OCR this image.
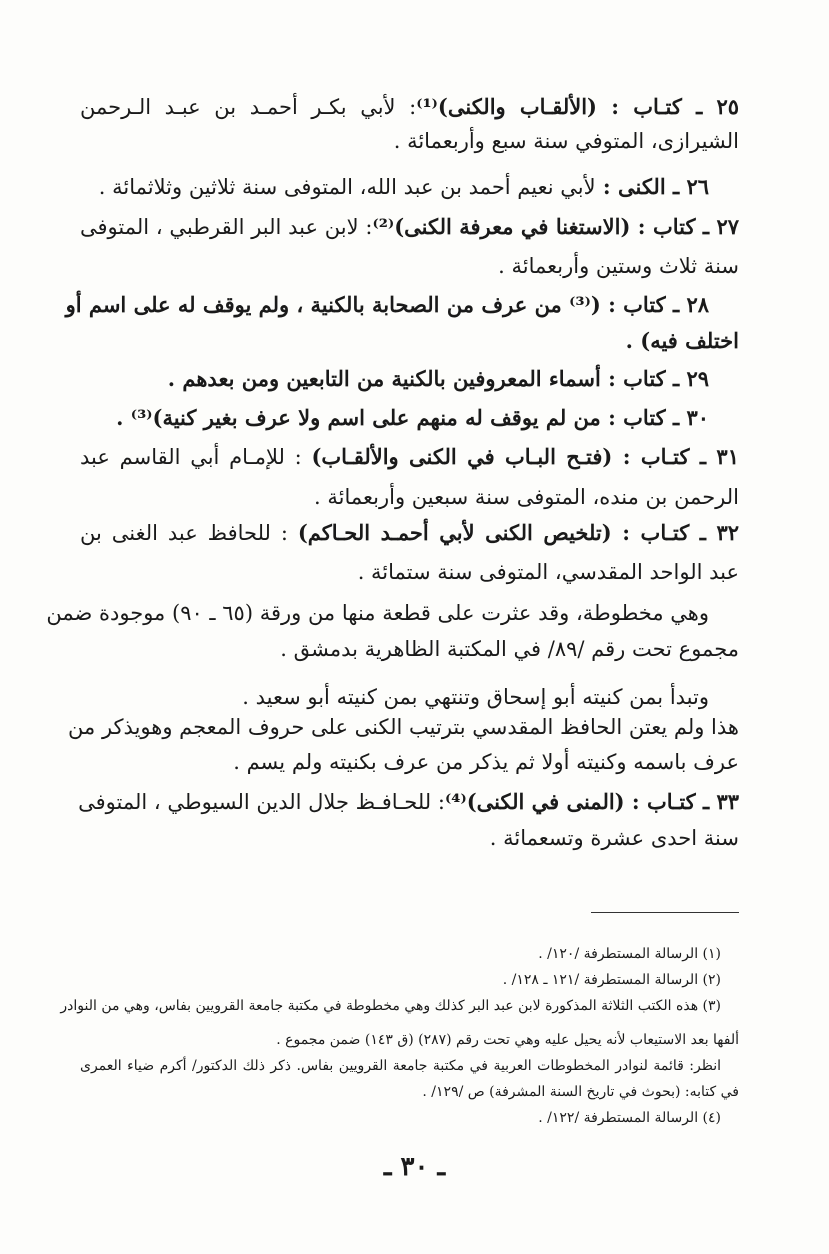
٢٥ ـ كتـاب : (الألقـاب والكنى)⁽¹⁾: لأبي بكـر أحمـد بن عبـد الـرحمن
الشيرازى، المتوفي سنة سبع وأربعمائة .
٢٦ ـ الكنى : لأبي نعيم أحمد بن عبد الله، المتوفى سنة ثلاثين وثلاثمائة .
٢٧ ـ كتاب : (الاستغنا في معرفة الكنى)⁽²⁾: لابن عبد البر القرطبي ، المتوفى
سنة ثلاث وستين وأربعمائة .
٢٨ ـ كتاب : (⁽³⁾ من عرف من الصحابة بالكنية ، ولم يوقف له على اسم أو
اختلف فيه) .
٢٩ ـ كتاب : أسماء المعروفين بالكنية من التابعين ومن بعدهم .
٣٠ ـ كتاب : من لم يوقف له منهم على اسم ولا عرف بغير كنية)⁽³⁾ .
٣١ ـ كتـاب : (فتـح البـاب في الكنى والألقـاب) : للإمـام أبي القاسم عبد
الرحمن بن منده، المتوفى سنة سبعين وأربعمائة .
٣٢ ـ كتـاب : (تلخيص الكنى لأبي أحمـد الحـاكم) : للحافظ عبد الغنى بن
عبد الواحد المقدسي، المتوفى سنة ستمائة .
وهي مخطوطة، وقد عثرت على قطعة منها من ورقة (٦٥ ـ ٩٠) موجودة ضمن
مجموع تحت رقم /٨٩/ في المكتبة الظاهرية بدمشق .
وتبدأ بمن كنيته أبو إسحاق وتنتهي بمن كنيته أبو سعيد .
هذا ولم يعتن الحافظ المقدسي بترتيب الكنى على حروف المعجم وهويذكر من
عرف باسمه وكنيته أولا ثم يذكر من عرف بكنيته ولم يسم .
٣٣ ـ كتـاب : (المنى في الكنى)⁽⁴⁾: للحـافـظ جلال الدين السيوطي ، المتوفى
سنة احدى عشرة وتسعمائة .
(١) الرسالة المستطرفة /١٢٠/ .
(٢) الرسالة المستطرفة /١٢١ ـ ١٢٨/ .
(٣) هذه الكتب الثلاثة المذكورة لابن عبد البر كذلك وهي مخطوطة في مكتبة جامعة القرويين بفاس، وهي من النوادر
ألفها بعد الاستيعاب لأنه يحيل عليه وهي تحت رقم (٢٨٧) (ق ١٤٣) ضمن مجموع .
انظر: قائمة لنوادر المخطوطات العربية في مكتبة جامعة القرويين بفاس. ذكر ذلك الدكتور/ أكرم ضياء العمرى
في كتابه: (بحوث في تاريخ السنة المشرفة) ص /١٢٩/ .
(٤) الرسالة المستطرفة /١٢٢/ .
ـ ٣٠ ـ
